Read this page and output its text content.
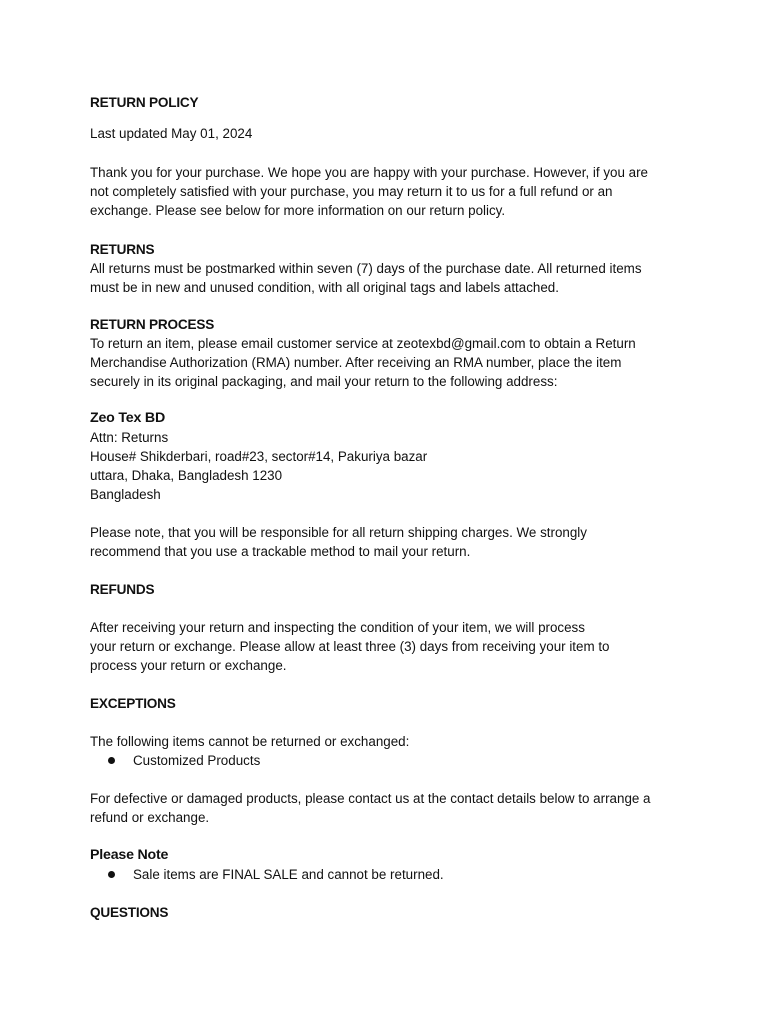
RETURN POLICY
Last updated May 01, 2024
Thank you for your purchase. We hope you are happy with your purchase. However, if you are
not completely satisfied with your purchase, you may return it to us for a full refund or an
exchange. Please see below for more information on our return policy.
RETURNS
All returns must be postmarked within seven (7) days of the purchase date. All returned items
must be in new and unused condition, with all original tags and labels attached.
RETURN PROCESS
To return an item, please email customer service at zeotexbd@gmail.com to obtain a Return
Merchandise Authorization (RMA) number. After receiving an RMA number, place the item
securely in its original packaging, and mail your return to the following address:
Zeo Tex BD
Attn: Returns
House# Shikderbari, road#23, sector#14, Pakuriya bazar
uttara, Dhaka, Bangladesh 1230
Bangladesh
Please note, that you will be responsible for all return shipping charges. We strongly
recommend that you use a trackable method to mail your return.
REFUNDS
After receiving your return and inspecting the condition of your item, we will process
your return or exchange. Please allow at least three (3) days from receiving your item to
process your return or exchange.
EXCEPTIONS
The following items cannot be returned or exchanged:
Customized Products
For defective or damaged products, please contact us at the contact details below to arrange a
refund or exchange.
Please Note
Sale items are FINAL SALE and cannot be returned.
QUESTIONS
